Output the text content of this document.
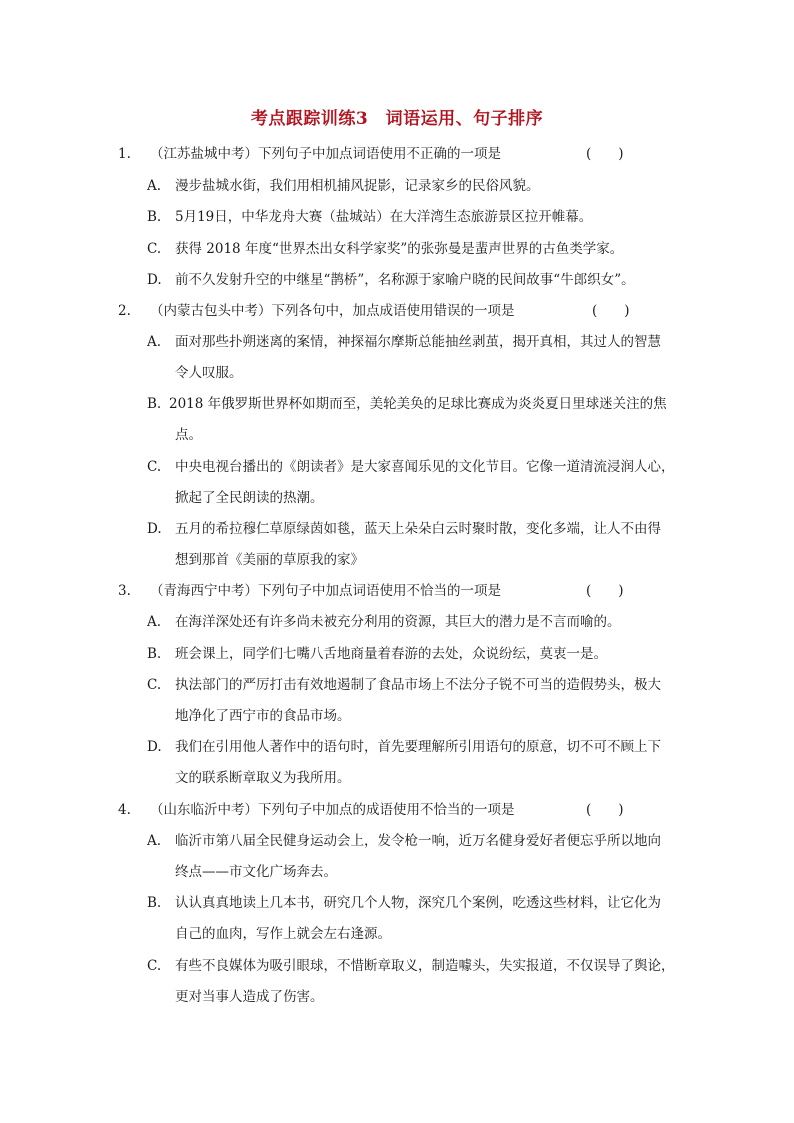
考点跟踪训练3　词语运用、句子排序
1. （江苏盐城中考）下列句子中加点词语使用不正确的一项是	(　　)
A. 漫步盐城水街，我们用相机捕风捉影，记录家乡的民俗风貌。
B. 5月19日，中华龙舟大赛（盐城站）在大洋湾生态旅游景区拉开帷幕。
C. 获得 2018 年度“世界杰出女科学家奖”的张弥曼是蜚声世界的古鱼类学家。
D. 前不久发射升空的中继星“鹊桥”，名称源于家喻户晓的民间故事“牛郎织女”。
2. （内蒙古包头中考）下列各句中，加点成语使用错误的一项是	(　　)
A. 面对那些扑朔迷离的案情，神探福尔摩斯总能抽丝剥茧，揭开真相，其过人的智慧
令人叹服。
B. 2018 年俄罗斯世界杯如期而至，美轮美奂的足球比赛成为炎炎夏日里球迷关注的焦
点。
C. 中央电视台播出的《朗读者》是大家喜闻乐见的文化节目。它像一道清流浸润人心，
掀起了全民朗读的热潮。
D. 五月的希拉穆仁草原绿茵如毯，蓝天上朵朵白云时聚时散，变化多端，让人不由得
想到那首《美丽的草原我的家》
3. （青海西宁中考）下列句子中加点词语使用不恰当的一项是	(　　)
A. 在海洋深处还有许多尚未被充分利用的资源，其巨大的潜力是不言而喻的。
B. 班会课上，同学们七嘴八舌地商量着春游的去处，众说纷纭，莫衷一是。
C. 执法部门的严厉打击有效地遏制了食品市场上不法分子锐不可当的造假势头，极大
地净化了西宁市的食品市场。
D. 我们在引用他人著作中的语句时，首先要理解所引用语句的原意，切不可不顾上下
文的联系断章取义为我所用。
4. （山东临沂中考）下列句子中加点的成语使用不恰当的一项是	(　　)
A. 临沂市第八届全民健身运动会上，发令枪一响，近万名健身爱好者便忘乎所以地向
终点——市文化广场奔去。
B. 认认真真地读上几本书，研究几个人物，深究几个案例，吃透这些材料，让它化为
自己的血肉，写作上就会左右逢源。
C. 有些不良媒体为吸引眼球，不惜断章取义，制造噱头，失实报道，不仅误导了舆论，
更对当事人造成了伤害。
